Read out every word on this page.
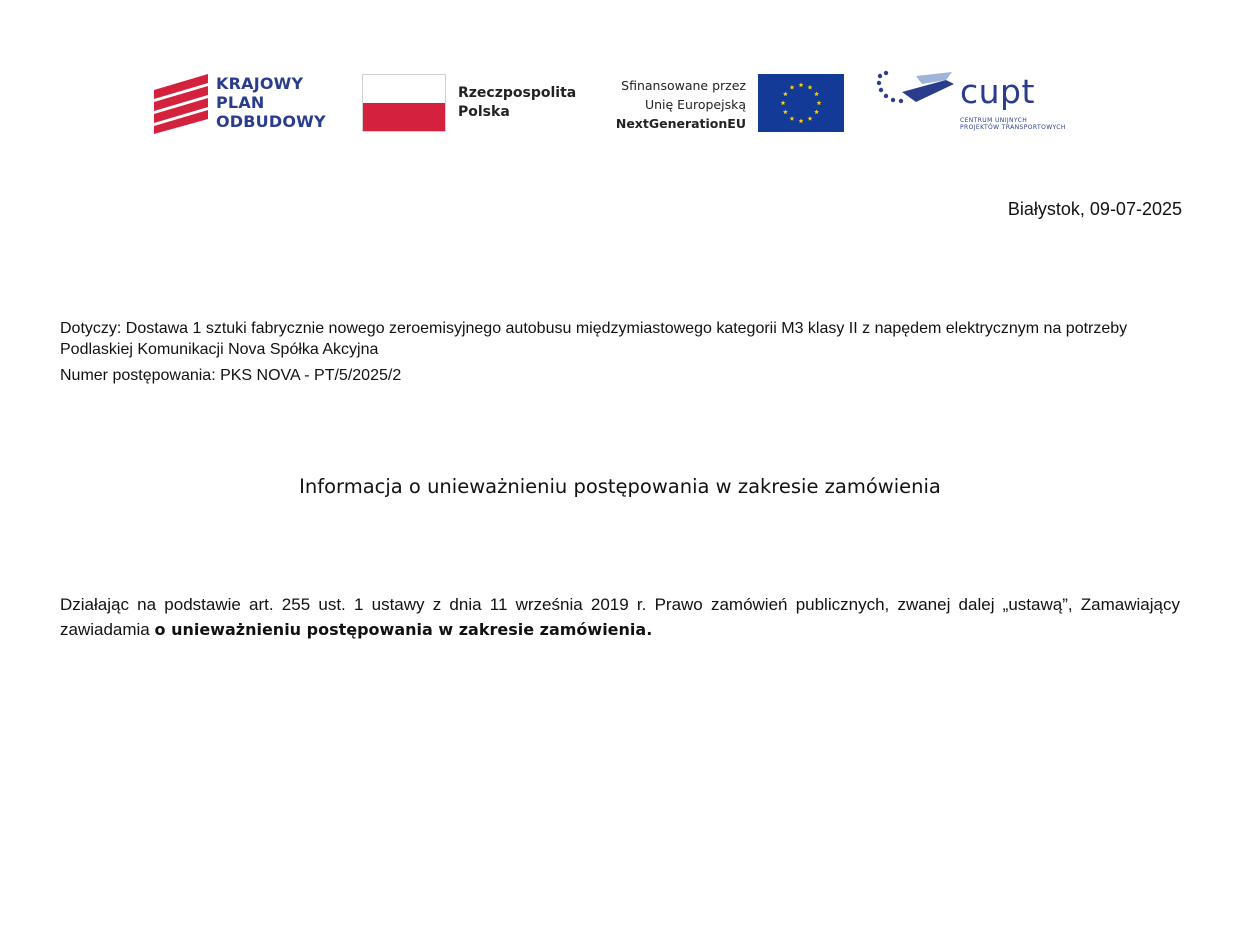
KRAJOWY
PLAN
ODBUDOWY
Rzeczpospolita
Polska
Sfinansowane przez
Unię Europejską
NextGenerationEU
cupt
CENTRUM UNIJNYCH
PROJEKTÓW TRANSPORTOWYCH
Białystok, 09-07-2025

Dotyczy: Dostawa 1 sztuki fabrycznie nowego zeroemisyjnego autobusu międzymiastowego kategorii M3 klasy II z napędem elektrycznym na potrzeby Podlaskiej Komunikacji Nova Spółka Akcyjna

Numer postępowania: PKS NOVA - PT/5/2025/2

Informacja o unieważnieniu postępowania w zakresie zamówienia
Działając na podstawie art. 255 ust. 1 ustawy z dnia 11 września 2019 r. Prawo zamówień publicznych, zwanej dalej „ustawą”, Zamawiający zawiadamia o unieważnieniu postępowania w zakresie zamówienia.
